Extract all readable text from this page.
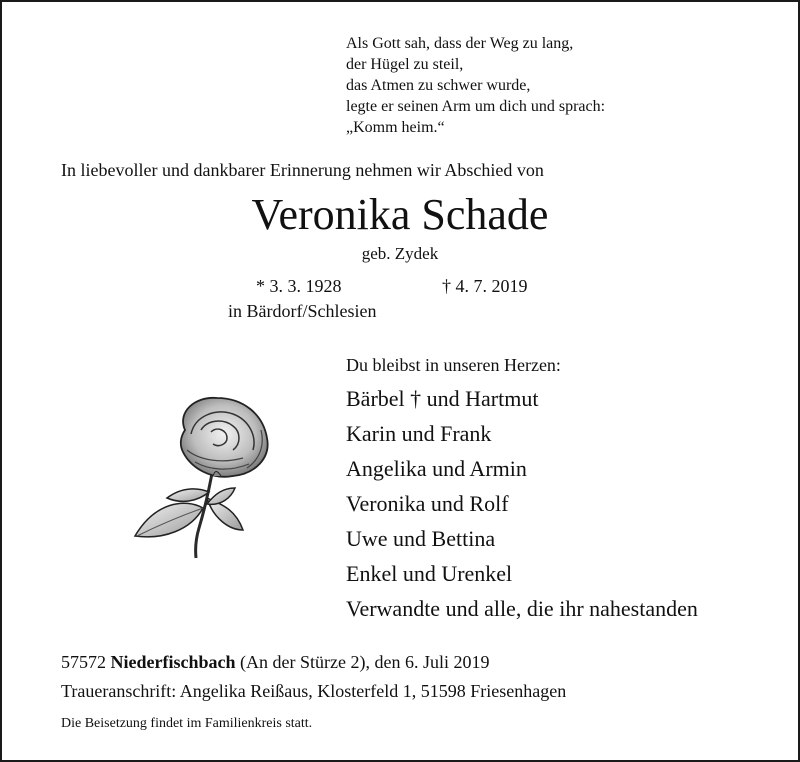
Als Gott sah, dass der Weg zu lang,
der Hügel zu steil,
das Atmen zu schwer wurde,
legte er seinen Arm um dich und sprach:
„Komm heim.“
In liebevoller und dankbarer Erinnerung nehmen wir Abschied von
Veronika Schade
geb. Zydek
* 3. 3. 1928	† 4. 7. 2019
in Bärdorf/Schlesien
Du bleibst in unseren Herzen:
Bärbel † und Hartmut
Karin und Frank
Angelika und Armin
Veronika und Rolf
Uwe und Bettina
Enkel und Urenkel
Verwandte und alle, die ihr nahestanden
57572 Niederfischbach (An der Stürze 2), den 6. Juli 2019
Traueranschrift: Angelika Reißaus, Klosterfeld 1, 51598 Friesenhagen
Die Beisetzung findet im Familienkreis statt.
